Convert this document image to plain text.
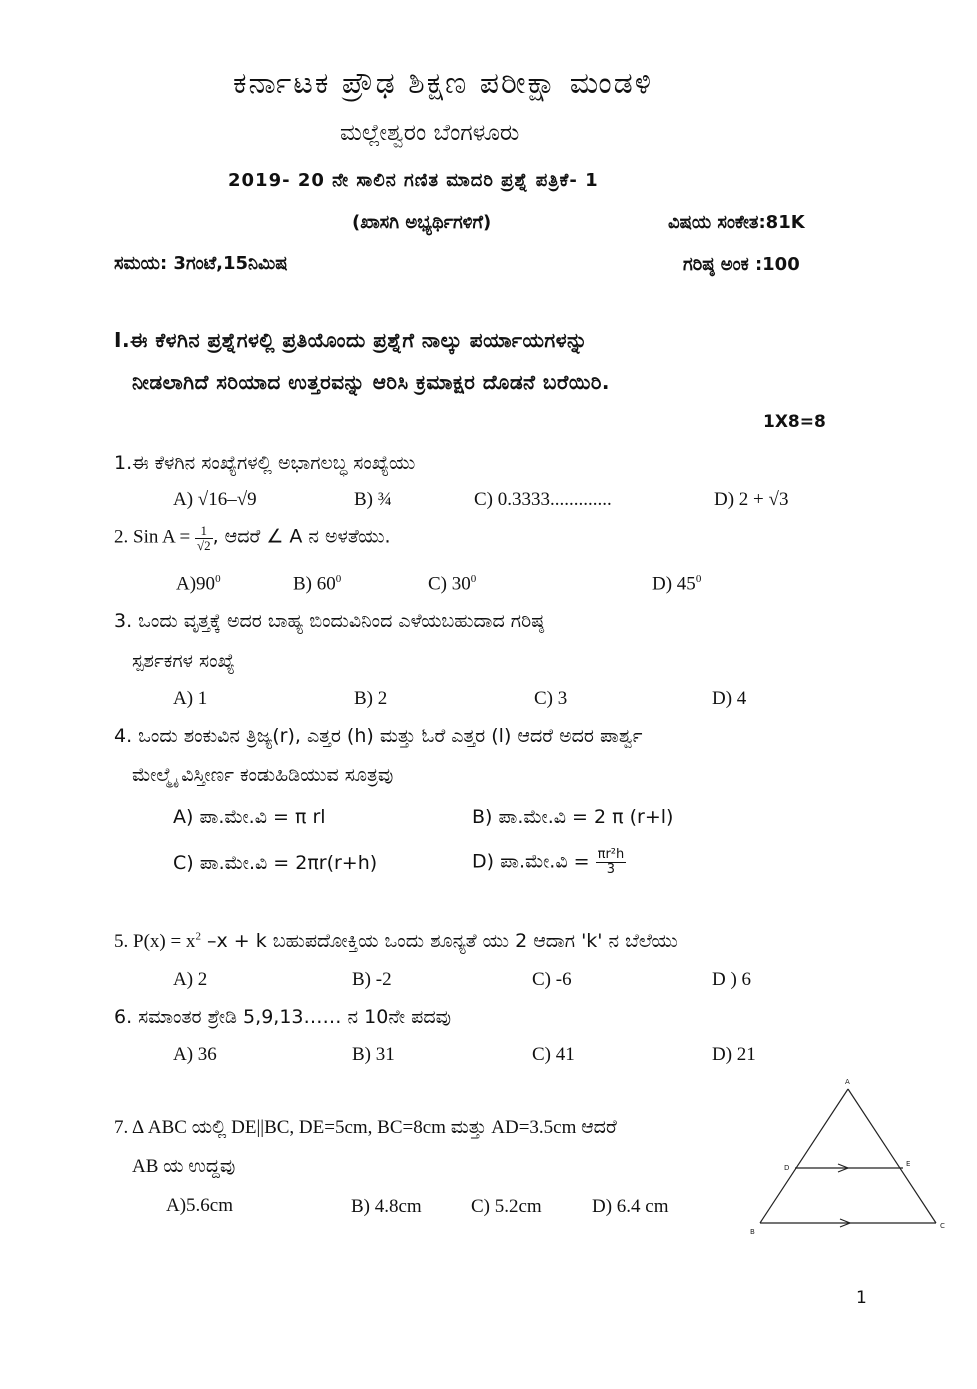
ಕರ್ನಾಟಕ ಪ್ರೌಢ ಶಿಕ್ಷಣ ಪರೀಕ್ಷಾ ಮಂಡಳಿ
ಮಲ್ಲೇಶ್ವರಂ ಬೆಂಗಳೂರು
2019- 20 ನೇ ಸಾಲಿನ ಗಣಿತ ಮಾದರಿ ಪ್ರಶ್ನೆ ಪತ್ರಿಕೆ- 1
(ಖಾಸಗಿ ಅಭ್ಯರ್ಥಿಗಳಿಗೆ)	ವಿಷಯ ಸಂಕೇತ:81K
ಸಮಯ: 3ಗಂಟೆ,15ನಿಮಿಷ	ಗರಿಷ್ಠ ಅಂಕ :100
I.ಈ ಕೆಳಗಿನ ಪ್ರಶ್ನೆಗಳಲ್ಲಿ ಪ್ರತಿಯೊಂದು ಪ್ರಶ್ನೆಗೆ ನಾಲ್ಕು ಪರ್ಯಾಯಗಳನ್ನು
ನೀಡಲಾಗಿದೆ ಸರಿಯಾದ ಉತ್ತರವನ್ನು ಆರಿಸಿ ಕ್ರಮಾಕ್ಷರ ದೊಡನೆ ಬರೆಯಿರಿ.
1X8=8
1.ಈ ಕೆಳಗಿನ ಸಂಖ್ಯೆಗಳಲ್ಲಿ ಅಭಾಗಲಬ್ಧ ಸಂಖ್ಯೆಯು
A) √16–√9	B) ¾	C) 0.3333.............	D) 2 + √3
2. Sin $A = \frac{1}{√2}$ , ಆದರೆ ∠ A ನ ಅಳತೆಯು.
$A)90^0$	B) $60^0$	C) $30^0$	D) $45^0$
3. ಒಂದು ವೃತ್ತಕ್ಕೆ ಅದರ ಬಾಹ್ಯ ಬಿಂದುವಿನಿಂದ ಎಳೆಯಬಹುದಾದ ಗರಿಷ್ಠ
ಸ್ಪರ್ಶಕಗಳ ಸಂಖ್ಯೆ
A) 1	B) 2	C) 3	D) 4
4. ಒಂದು ಶಂಕುವಿನ ತ್ರಿಜ್ಯ(r), ಎತ್ತರ (h) ಮತ್ತು ಓರೆ ಎತ್ತರ (l) ಆದರೆ ಅದರ ಪಾರ್ಶ್ವ
ಮೇಲ್ಮೈ ವಿಸ್ತೀರ್ಣ ಕಂಡುಹಿಡಿಯುವ ಸೂತ್ರವು
A) ಪಾ.ಮೇ.ವಿ = π rl	B) ಪಾ.ಮೇ.ವಿ = 2 π (r+l)
C) ಪಾ.ಮೇ.ವಿ = 2πr(r+h)	D) ಪಾ.ಮೇ.ವಿ = $\frac{\text{πr²h}}{3}$
5. $P(x) = x^2$ –x + k ಬಹುಪದೋಕ್ತಿಯ ಒಂದು ಶೂನ್ಯತೆ ಯು 2 ಆದಾಗ 'k' ನ ಬೆಲೆಯು
A) 2	B) -2	C) -6	D ) 6
6. ಸಮಾಂತರ ಶ್ರೇಡಿ 5,9,13…… ನ 10ನೇ ಪದವು
A) 36	B) 31	C) 41	D) 21
7. Δ ABC ಯಲ್ಲಿ DE||BC, DE=5cm, BC=8cm ಮತ್ತು AD=3.5cm ಆದರೆ
AB ಯ ಉದ್ದವು
A)5.6cm	B) 4.8cm	C) 5.2cm	D) 6.4 cm
A
D	E
B
C
1
